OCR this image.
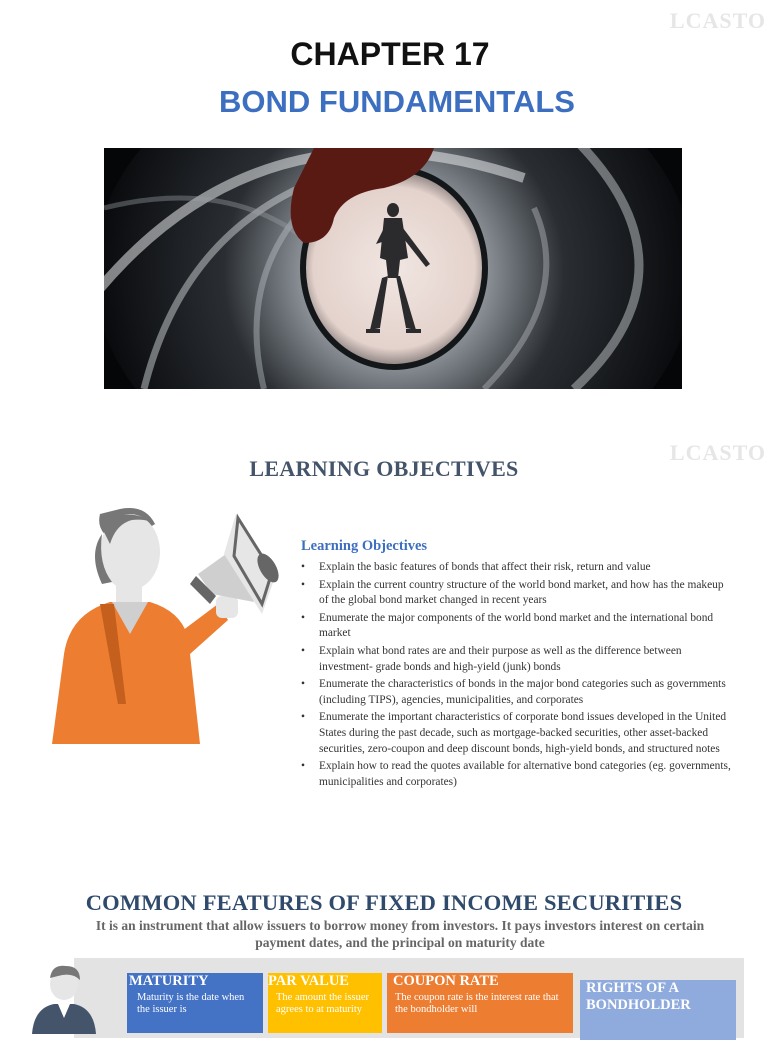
LCASTO
CHAPTER 17
BOND FUNDAMENTALS
LCASTO
LEARNING OBJECTIVES
Learning Objectives
• Explain the basic features of bonds that affect their risk, return and value
• Explain the current country structure of the world bond market, and how has the makeup of the global bond market changed in recent years
• Enumerate the major components of the world bond market and the international bond market
• Explain what bond rates are and their purpose as well as the difference between investment- grade bonds and high-yield (junk) bonds
• Enumerate the characteristics of bonds in the major bond categories such as governments (including TIPS), agencies, municipalities, and corporates
• Enumerate the important characteristics of corporate bond issues developed in the United States during the past decade, such as mortgage-backed securities, other asset-backed securities, zero-coupon and deep discount bonds, high-yield bonds, and structured notes
• Explain how to read the quotes available for alternative bond categories (eg. governments, municipalities and corporates)
COMMON FEATURES OF FIXED INCOME SECURITIES
It is an instrument that allow issuers to borrow money from investors. It pays investors interest on certain payment dates, and the principal on maturity date
MATURITY

Maturity is the date when the issuer is

PAR VALUE

The amount the issuer agrees to at maturity

COUPON RATE

The coupon rate is the interest rate that the bondholder will

RIGHTS OF A BONDHOLDER
